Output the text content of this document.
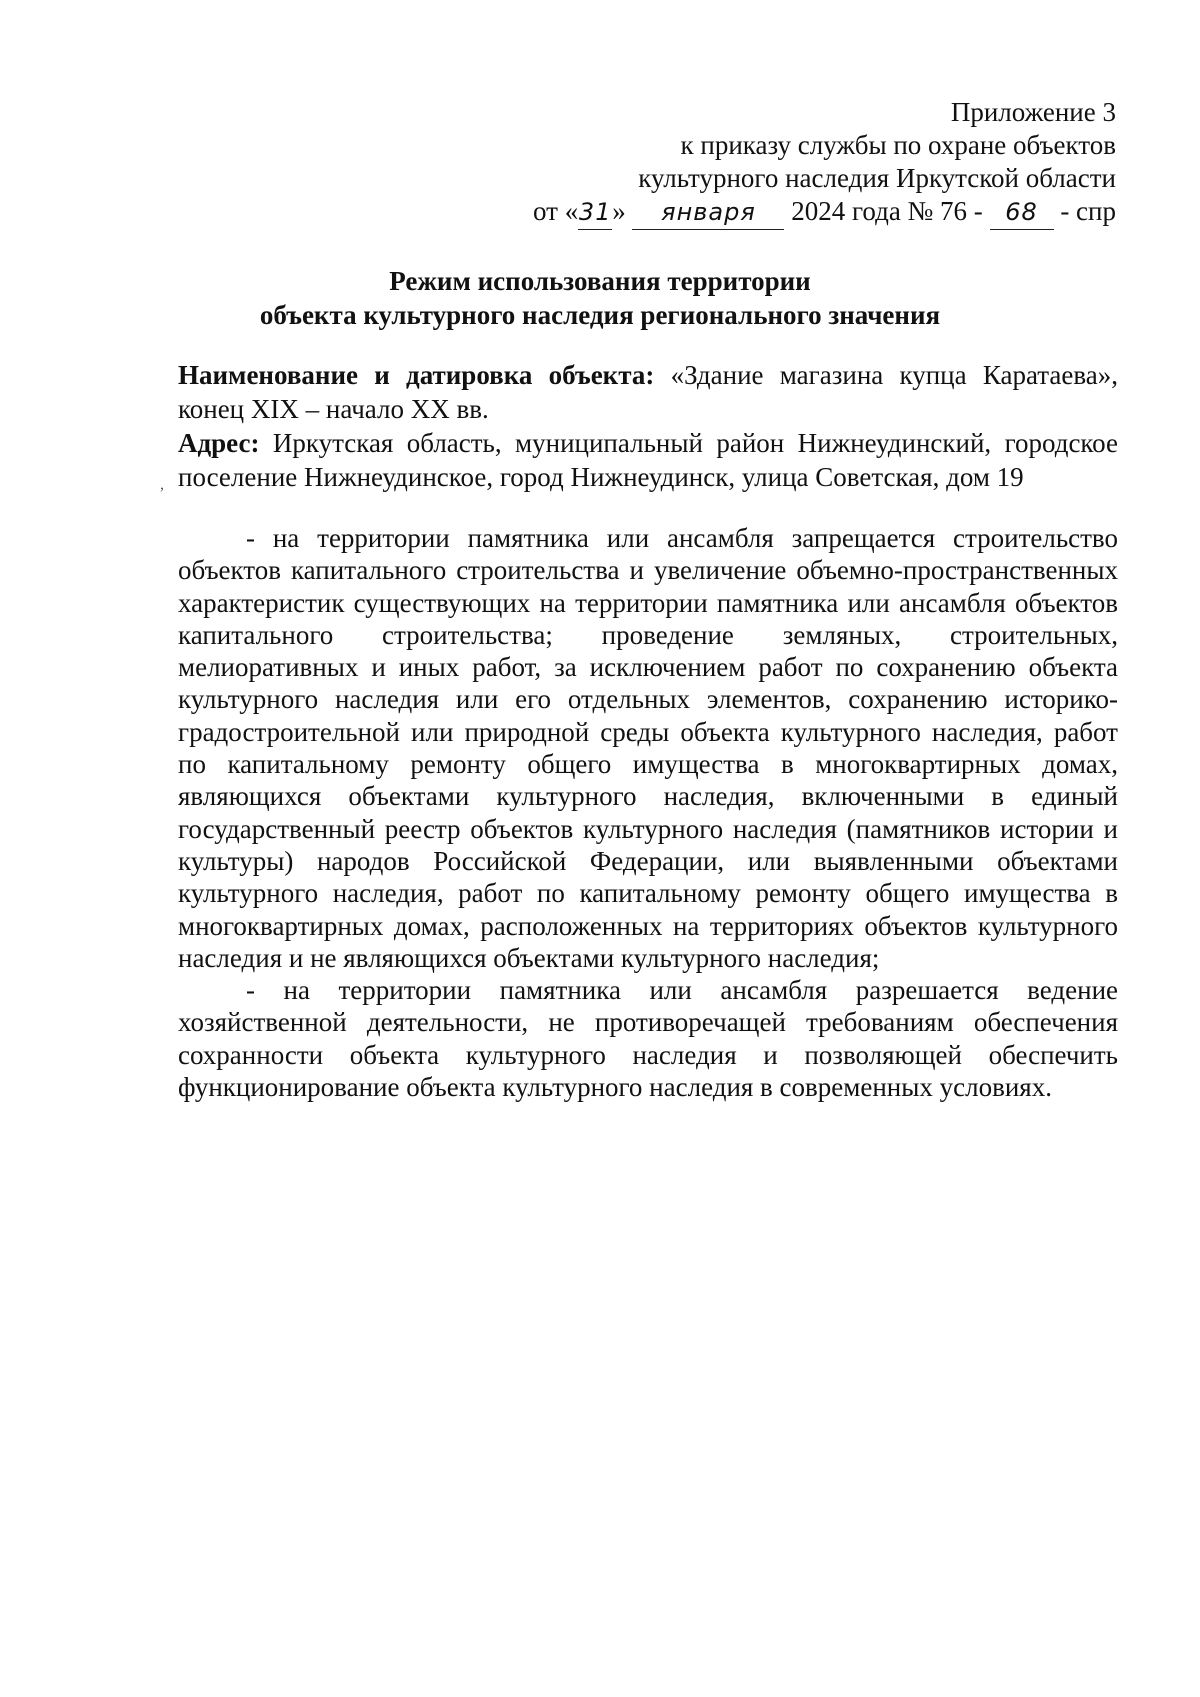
Приложение 3
к приказу службы по охране объектов
культурного наследия Иркутской области
от «31» января 2024 года № 76 - 68 - спр
Режим использования территории
объекта культурного наследия регионального значения

Наименование и датировка объекта: «Здание магазина купца Каратаева», конец XIX – начало XX вв.

Адрес: Иркутская область, муниципальный район Нижнеудинский, городское поселение Нижнеудинское, город Нижнеудинск, улица Советская, дом 19

- на территории памятника или ансамбля запрещается строительство объектов капитального строительства и увеличение объемно-пространственных характеристик существующих на территории памятника или ансамбля объектов капитального строительства; проведение земляных, строительных, мелиоративных и иных работ, за исключением работ по сохранению объекта культурного наследия или его отдельных элементов, сохранению историко-градостроительной или природной среды объекта культурного наследия, работ по капитальному ремонту общего имущества в многоквартирных домах, являющихся объектами культурного наследия, включенными в единый государственный реестр объектов культурного наследия (памятников истории и культуры) народов Российской Федерации, или выявленными объектами культурного наследия, работ по капитальному ремонту общего имущества в многоквартирных домах, расположенных на территориях объектов культурного наследия и не являющихся объектами культурного наследия;

- на территории памятника или ансамбля разрешается ведение хозяйственной деятельности, не противоречащей требованиям обеспечения сохранности объекта культурного наследия и позволяющей обеспечить функционирование объекта культурного наследия в современных условиях.

,
